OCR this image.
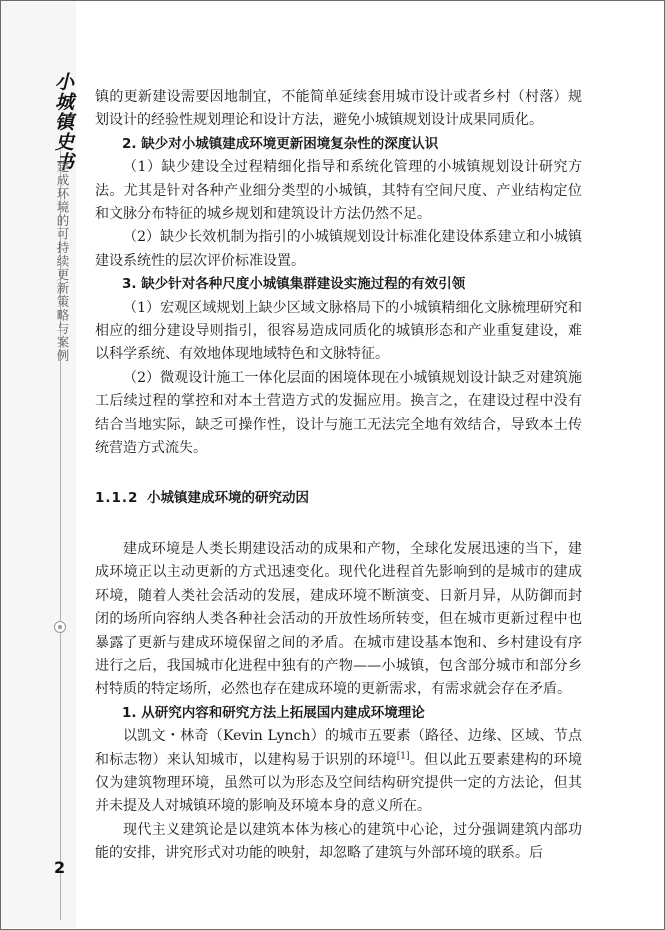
小城镇史书
建成环境的可持续更新策略与案例
2

镇的更新建设需要因地制宜，不能简单延续套用城市设计或者乡村（村落）规划设计的经验性规划理论和设计方法，避免小城镇规划设计成果同质化。

2. 缺少对小城镇建成环境更新困境复杂性的深度认识

（1）缺少建设全过程精细化指导和系统化管理的小城镇规划设计研究方法。尤其是针对各种产业细分类型的小城镇，其特有空间尺度、产业结构定位和文脉分布特征的城乡规划和建筑设计方法仍然不足。

（2）缺少长效机制为指引的小城镇规划设计标准化建设体系建立和小城镇建设系统性的层次评价标准设置。

3. 缺少针对各种尺度小城镇集群建设实施过程的有效引领

（1）宏观区域规划上缺少区域文脉格局下的小城镇精细化文脉梳理研究和相应的细分建设导则指引，很容易造成同质化的城镇形态和产业重复建设，难以科学系统、有效地体现地域特色和文脉特征。

（2）微观设计施工一体化层面的困境体现在小城镇规划设计缺乏对建筑施工后续过程的掌控和对本土营造方式的发掘应用。换言之，在建设过程中没有结合当地实际，缺乏可操作性，设计与施工无法完全地有效结合，导致本土传统营造方式流失。

1.1.2 小城镇建成环境的研究动因

建成环境是人类长期建设活动的成果和产物，全球化发展迅速的当下，建成环境正以主动更新的方式迅速变化。现代化进程首先影响到的是城市的建成环境，随着人类社会活动的发展，建成环境不断演变、日新月异，从防御而封闭的场所向容纳人类各种社会活动的开放性场所转变，但在城市更新过程中也暴露了更新与建成环境保留之间的矛盾。在城市建设基本饱和、乡村建设有序进行之后，我国城市化进程中独有的产物——小城镇，包含部分城市和部分乡村特质的特定场所，必然也存在建成环境的更新需求，有需求就会存在矛盾。

1. 从研究内容和研究方法上拓展国内建成环境理论

以凯文・林奇（Kevin Lynch）的城市五要素（路径、边缘、区域、节点和标志物）来认知城市，以建构易于识别的环境[1]。但以此五要素建构的环境仅为建筑物理环境，虽然可以为形态及空间结构研究提供一定的方法论，但其并未提及人对城镇环境的影响及环境本身的意义所在。

现代主义建筑论是以建筑本体为核心的建筑中心论，过分强调建筑内部功能的安排，讲究形式对功能的映射，却忽略了建筑与外部环境的联系。后
